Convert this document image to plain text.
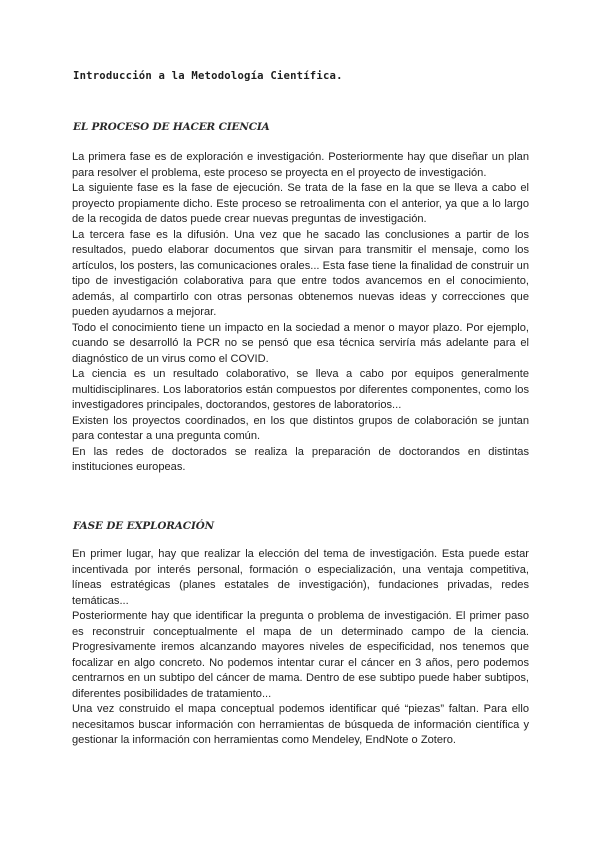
Introducción a la Metodología Científica.
EL PROCESO DE HACER CIENCIA

La primera fase es de exploración e investigación. Posteriormente hay que diseñar un plan para resolver el problema, este proceso se proyecta en el proyecto de investigación.

La siguiente fase es la fase de ejecución. Se trata de la fase en la que se lleva a cabo el proyecto propiamente dicho. Este proceso se retroalimenta con el anterior, ya que a lo largo de la recogida de datos puede crear nuevas preguntas de investigación.

La tercera fase es la difusión. Una vez que he sacado las conclusiones a partir de los resultados, puedo elaborar documentos que sirvan para transmitir el mensaje, como los artículos, los posters, las comunicaciones orales... Esta fase tiene la finalidad de construir un tipo de investigación colaborativa para que entre todos avancemos en el conocimiento, además, al compartirlo con otras personas obtenemos nuevas ideas y correcciones que pueden ayudarnos a mejorar.

Todo el conocimiento tiene un impacto en la sociedad a menor o mayor plazo. Por ejemplo, cuando se desarrolló la PCR no se pensó que esa técnica serviría más adelante para el diagnóstico de un virus como el COVID.

La ciencia es un resultado colaborativo, se lleva a cabo por equipos generalmente multidisciplinares. Los laboratorios están compuestos por diferentes componentes, como los investigadores principales, doctorandos, gestores de laboratorios...

Existen los proyectos coordinados, en los que distintos grupos de colaboración se juntan para contestar a una pregunta común.

En las redes de doctorados se realiza la preparación de doctorandos en distintas instituciones europeas.

FASE DE EXPLORACIÓN

En primer lugar, hay que realizar la elección del tema de investigación. Esta puede estar incentivada por interés personal, formación o especialización, una ventaja competitiva, líneas estratégicas (planes estatales de investigación), fundaciones privadas, redes temáticas...

Posteriormente hay que identificar la pregunta o problema de investigación. El primer paso es reconstruir conceptualmente el mapa de un determinado campo de la ciencia. Progresivamente iremos alcanzando mayores niveles de especificidad, nos tenemos que focalizar en algo concreto. No podemos intentar curar el cáncer en 3 años, pero podemos centrarnos en un subtipo del cáncer de mama. Dentro de ese subtipo puede haber subtipos, diferentes posibilidades de tratamiento...

Una vez construido el mapa conceptual podemos identificar qué “piezas” faltan. Para ello necesitamos buscar información con herramientas de búsqueda de información científica y gestionar la información con herramientas como Mendeley, EndNote o Zotero.
